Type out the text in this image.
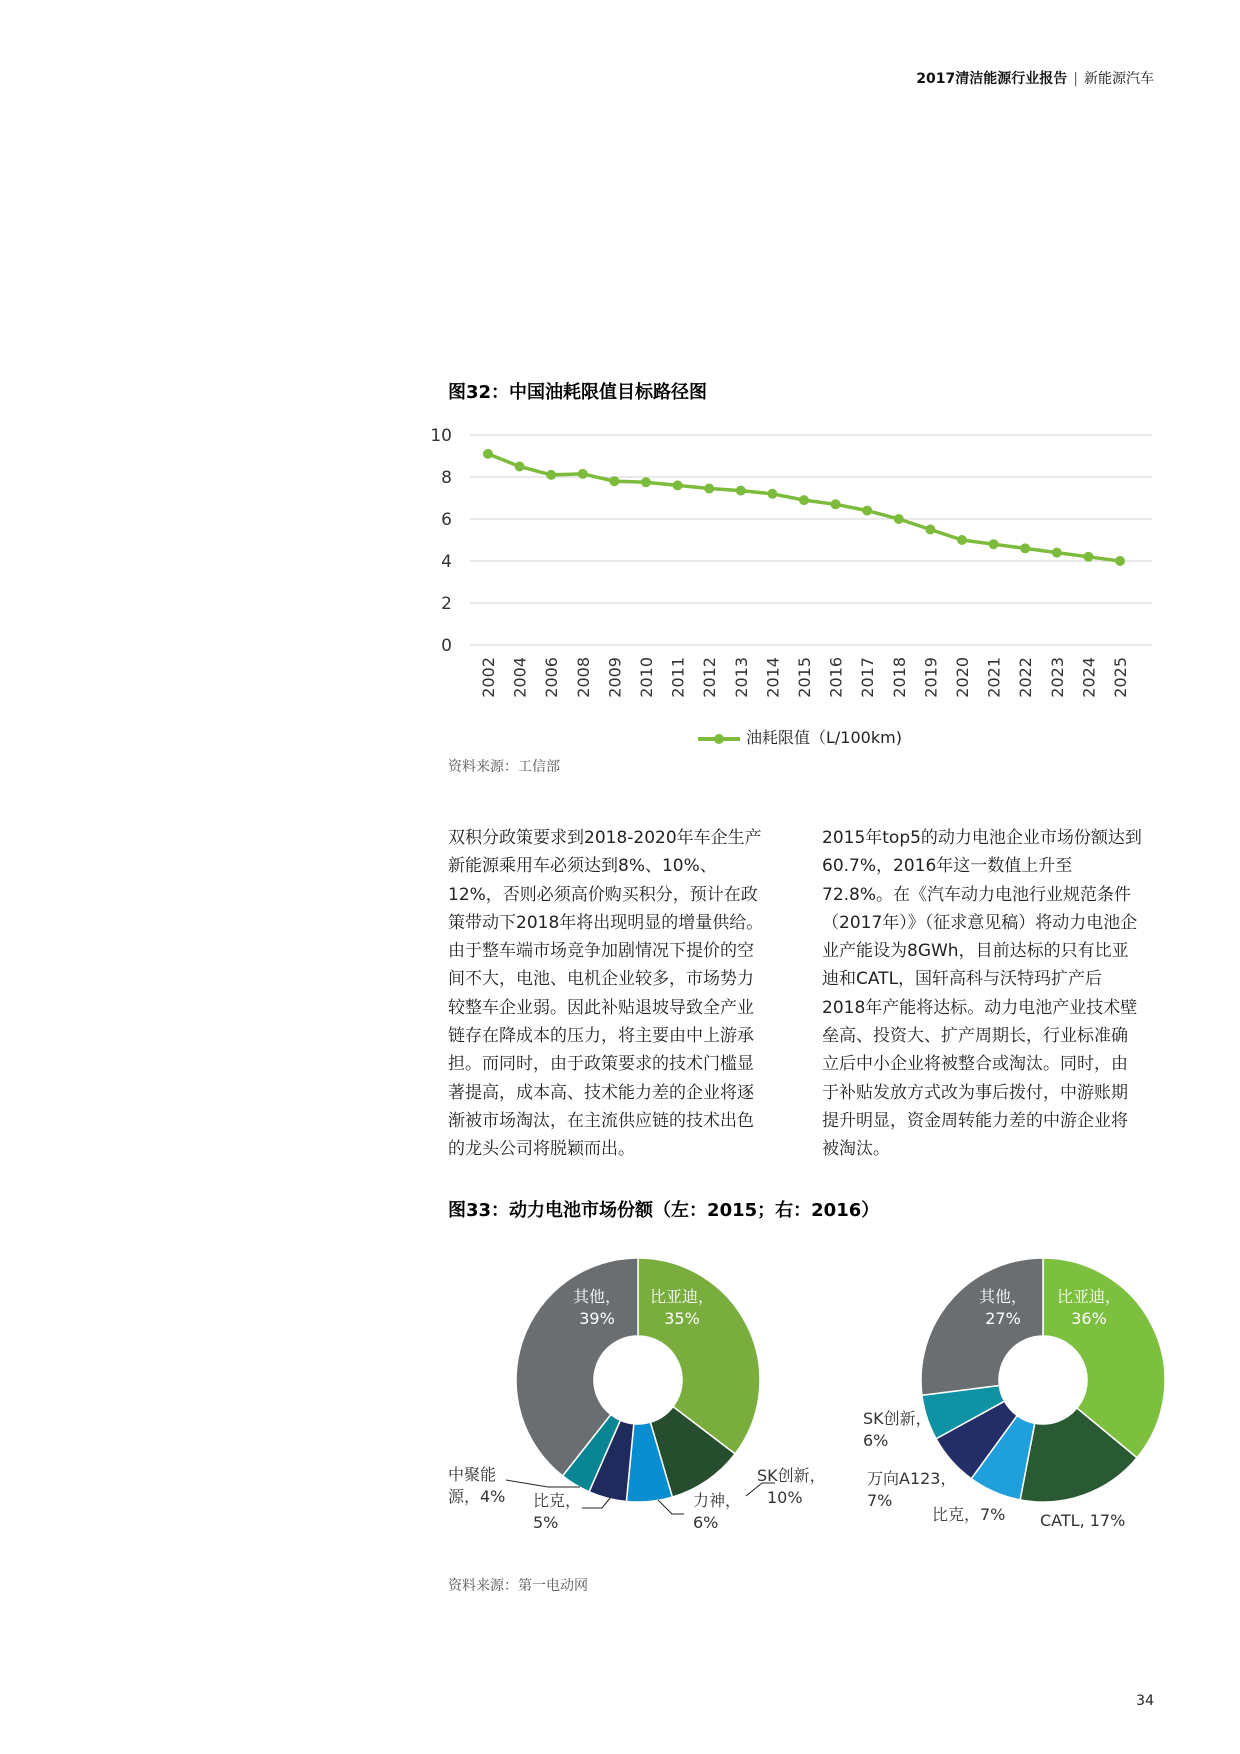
2017清洁能源行业报告 | 新能源汽车
图32：中国油耗限值目标路径图
10
8
6
4
2
0
2002 2004 2006 2008 2009 2010 2011 2012 2013 2014 2015 2016 2017 2018 2019 2020 2021 2022 2023 2024 2025
油耗限值（L/100km)
资料来源：工信部

双积分政策要求到2018-2020年车企生产新能源乘用车必须达到8%、10%、12%，否则必须高价购买积分，预计在政策带动下2018年将出现明显的增量供给。由于整车端市场竞争加剧情况下提价的空间不大，电池、电机企业较多，市场势力较整车企业弱。因此补贴退坡导致全产业链存在降成本的压力，将主要由中上游承担。而同时，由于政策要求的技术门槛显著提高，成本高、技术能力差的企业将逐渐被市场淘汰，在主流供应链的技术出色的龙头公司将脱颖而出。

2015年top5的动力电池企业市场份额达到60.7%，2016年这一数值上升至72.8%。在《汽车动力电池行业规范条件（2017年）》（征求意见稿）将动力电池企业产能设为8GWh，目前达标的只有比亚迪和CATL，国轩高科与沃特玛扩产后2018年产能将达标。动力电池产业技术壁垒高、投资大、扩产周期长，行业标准确立后中小企业将被整合或淘汰。同时，由于补贴发放方式改为事后拨付，中游账期提升明显，资金周转能力差的中游企业将被淘汰。

图33：动力电池市场份额（左：2015；右：2016）
其他，
39%
比亚迪，
35%
SK创新，
10%
力神，
6%
比克，
5%
中聚能
源，4%
其他，
27%
比亚迪，
36%
SK创新，
6%
万向A123，
7%
比克，7% CATL, 17%
资料来源：第一电动网
34
